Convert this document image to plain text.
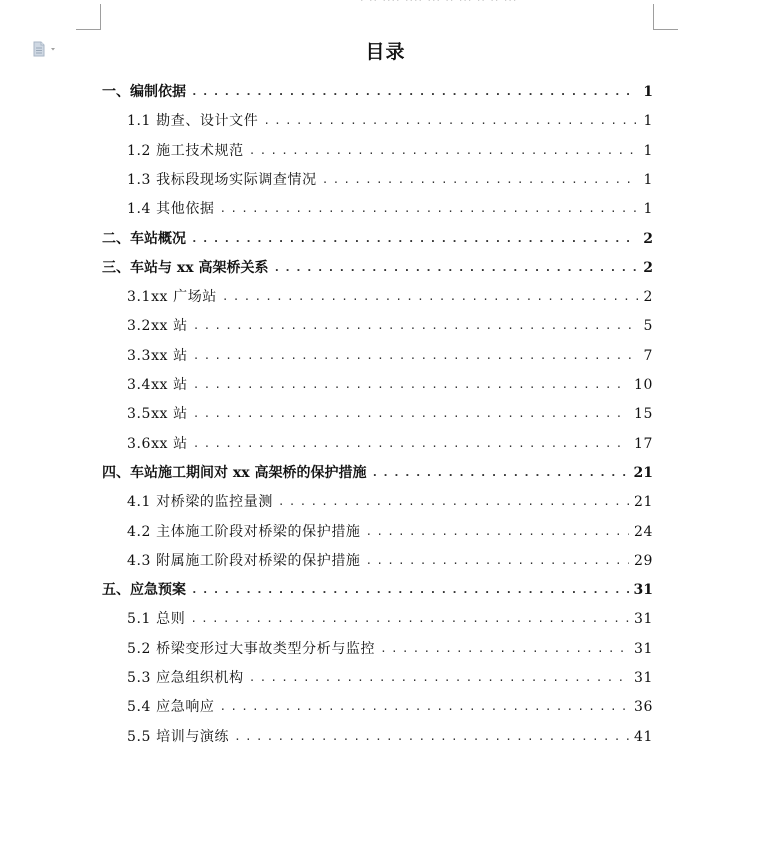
· ·· ···· ···· ··· ·· ··· ·· ·· ···
目录
一、编制依据 . . .	1
1.1 勘查、设计文件 . . .	1
1.2 施工技术规范 . . .	1
1.3 我标段现场实际调查情况 . . .	1
1.4 其他依据 . . .	1
二、车站概况 . . .	2
三、车站与 xx 高架桥关系 . . .	2
3.1xx 广场站 . . .	2
3.2xx 站 . . .	5
3.3xx 站 . . .	7
3.4xx 站 . . .	10
3.5xx 站 . . .	15
3.6xx 站 . . .	17
四、车站施工期间对 xx 高架桥的保护措施 . . .	21
4.1 对桥梁的监控量测 . . .	21
4.2 主体施工阶段对桥梁的保护措施 . . .	24
4.3 附属施工阶段对桥梁的保护措施 . . .	29
五、应急预案 . . .	31
5.1 总则 . . .	31
5.2 桥梁变形过大事故类型分析与监控 . . .	31
5.3 应急组织机构 . . .	31
5.4 应急响应 . . .	36
5.5 培训与演练 . . .	41
